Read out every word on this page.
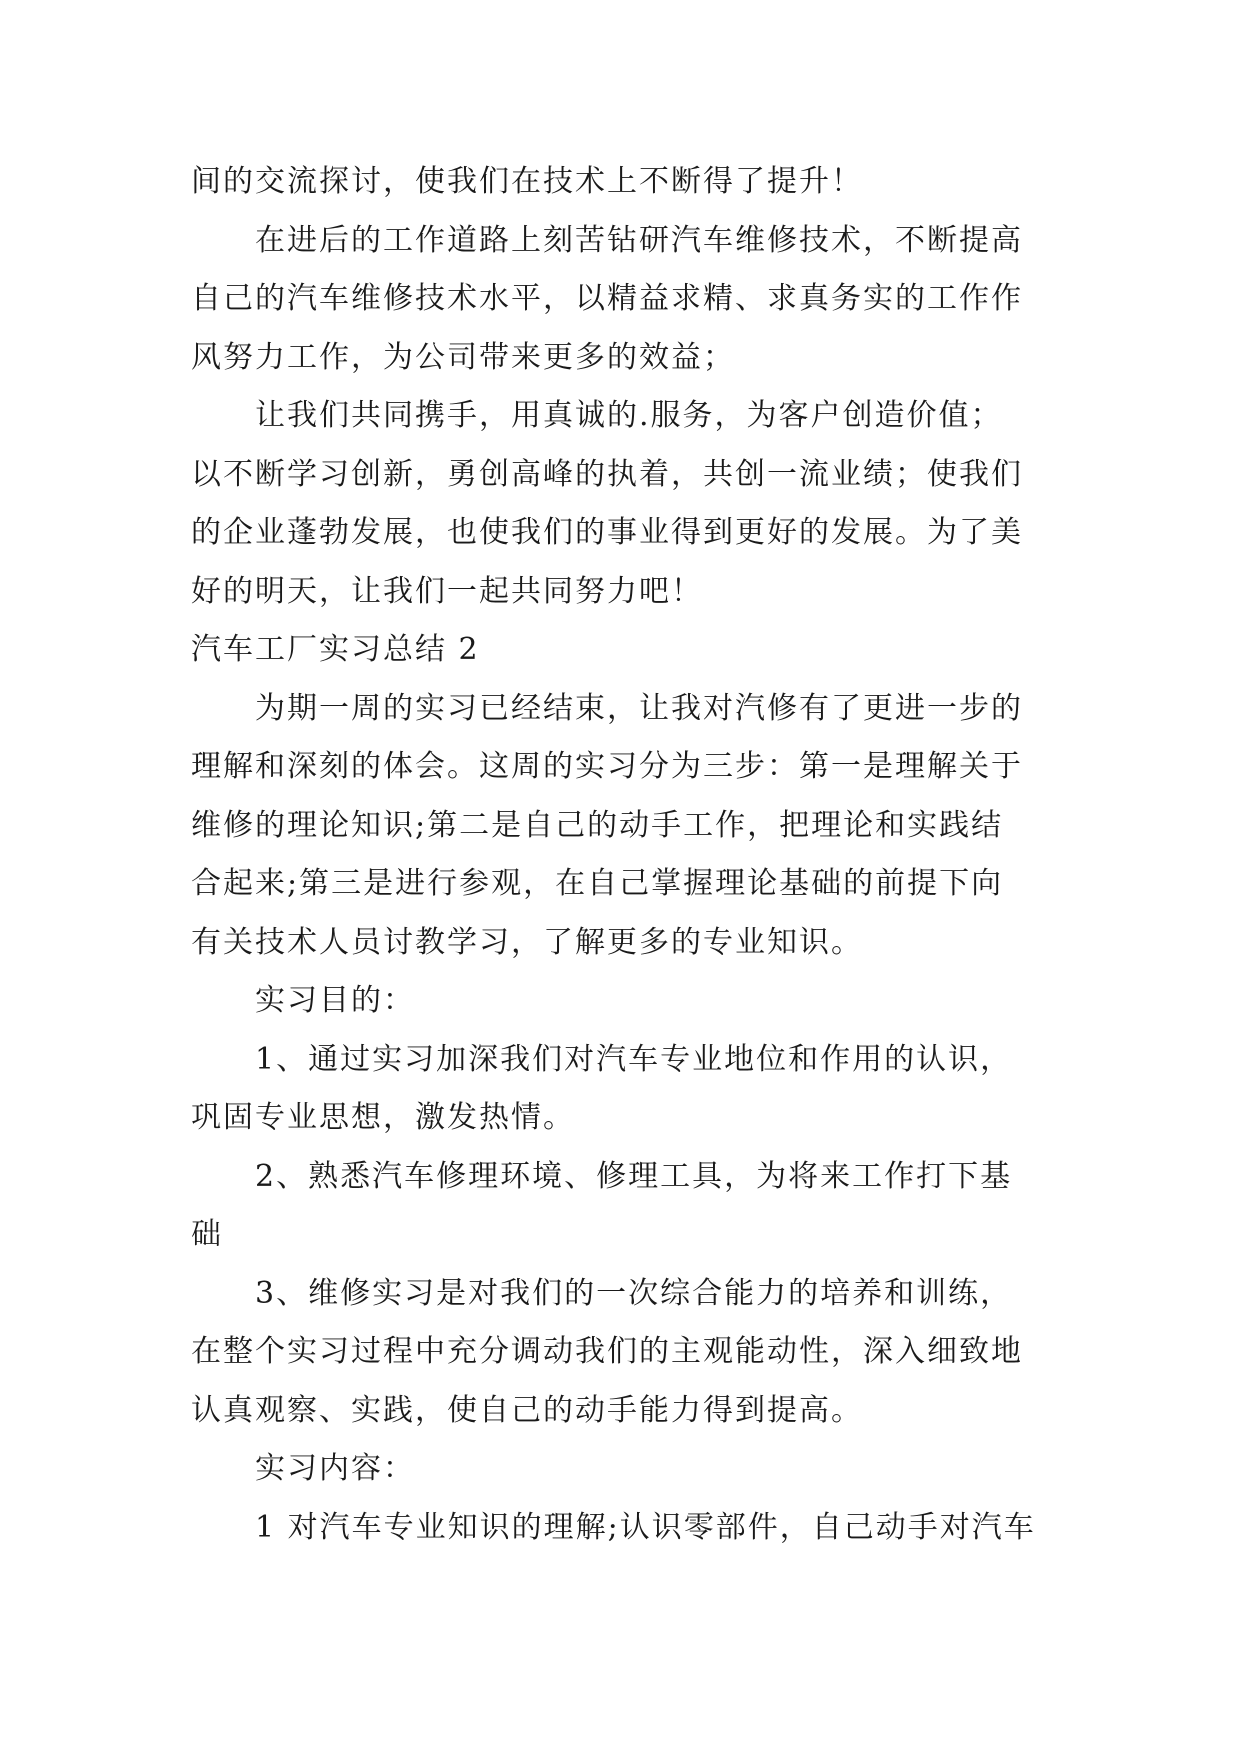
间的交流探讨，使我们在技术上不断得了提升！
在进后的工作道路上刻苦钻研汽车维修技术，不断提高
自己的汽车维修技术水平，以精益求精、求真务实的工作作
风努力工作，为公司带来更多的效益；
让我们共同携手，用真诚的.服务，为客户创造价值；
以不断学习创新，勇创高峰的执着，共创一流业绩；使我们
的企业蓬勃发展，也使我们的事业得到更好的发展。为了美
好的明天，让我们一起共同努力吧！
汽车工厂实习总结 2
为期一周的实习已经结束，让我对汽修有了更进一步的
理解和深刻的体会。这周的实习分为三步：第一是理解关于
维修的理论知识;第二是自己的动手工作，把理论和实践结
合起来;第三是进行参观，在自己掌握理论基础的前提下向
有关技术人员讨教学习，了解更多的专业知识。
实习目的：
1、通过实习加深我们对汽车专业地位和作用的认识，
巩固专业思想，激发热情。
2、熟悉汽车修理环境、修理工具，为将来工作打下基
础
3、维修实习是对我们的一次综合能力的培养和训练，
在整个实习过程中充分调动我们的主观能动性，深入细致地
认真观察、实践，使自己的动手能力得到提高。
实习内容：
1 对汽车专业知识的理解;认识零部件，自己动手对汽车
